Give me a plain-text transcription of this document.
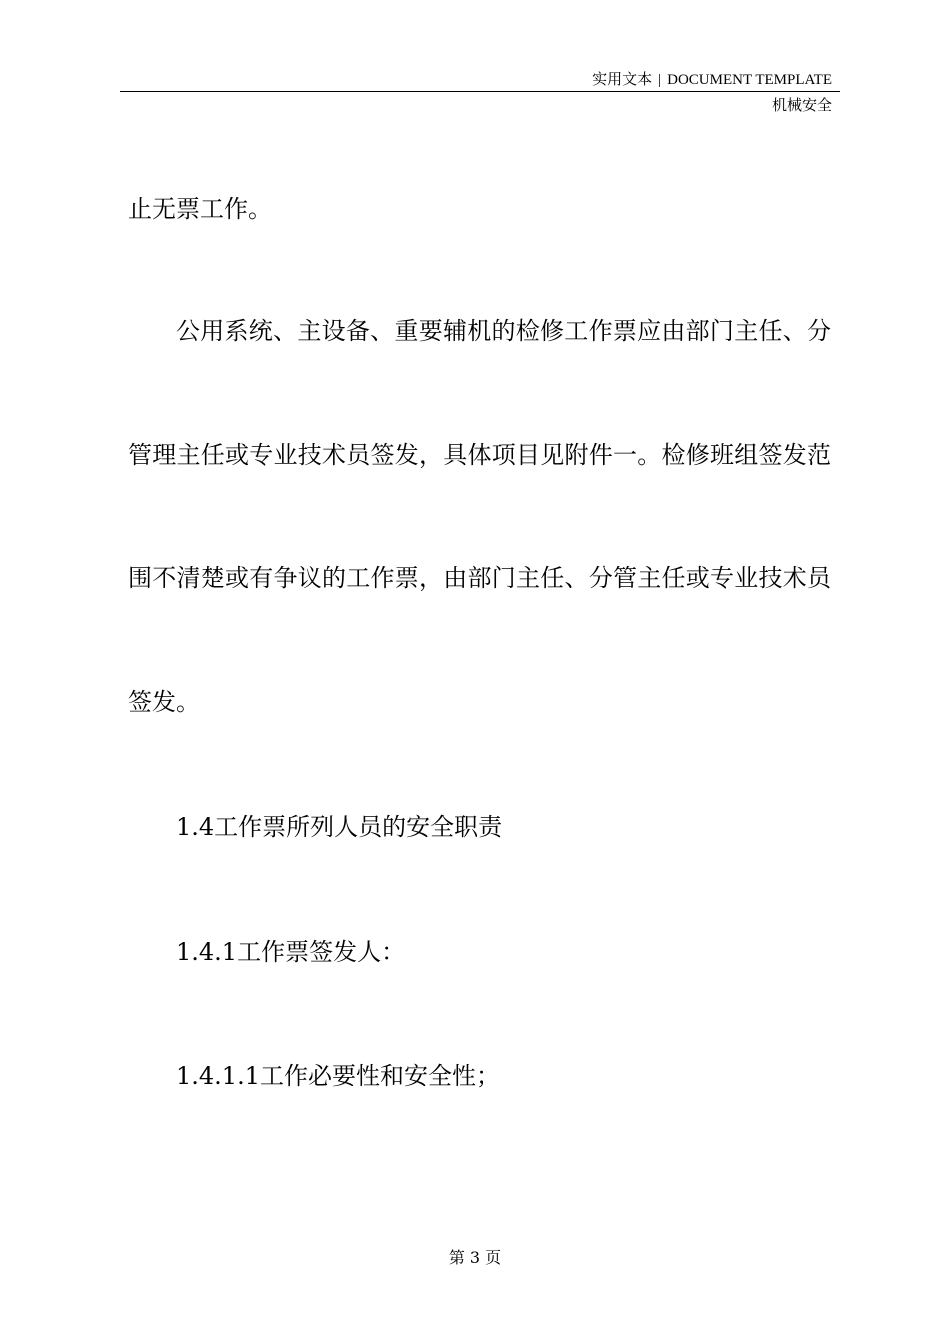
实用文本 | DOCUMENT TEMPLATE
机械安全
止无票工作。
公用系统、主设备、重要辅机的检修工作票应由部门主任、分
管理主任或专业技术员签发，具体项目见附件一。检修班组签发范
围不清楚或有争议的工作票，由部门主任、分管主任或专业技术员
签发。
1.4工作票所列人员的安全职责
1.4.1工作票签发人：
1.4.1.1工作必要性和安全性；
第 3 页
